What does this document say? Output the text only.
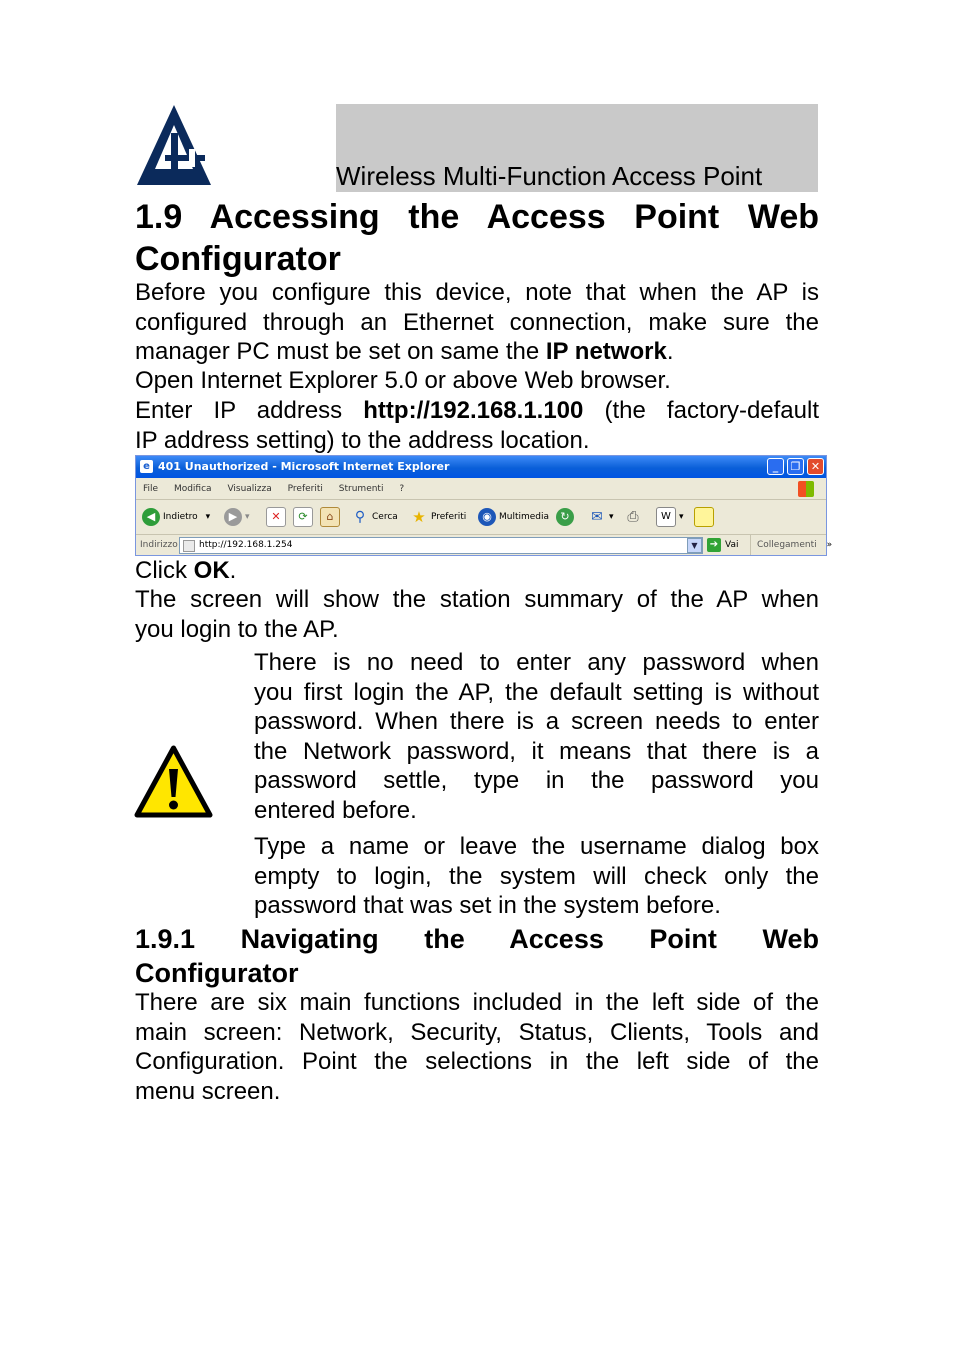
Wireless Multi-Function Access Point
1.9 Accessing the Access Point Web Configurator
Before you configure this device, note that when the AP is
configured through an Ethernet connection, make sure the
manager PC must be set on same the IP network.
Open Internet Explorer 5.0 or above Web browser.
Enter IP address http://192.168.1.100 (the factory-default
IP address setting) to the address location.
e 401 Unauthorized - Microsoft Internet Explorer	_	❐ ✕
File Modifica Visualizza Preferiti Strumenti ?
◀ Indietro ▾	▶ ▾	✕	⟳	⌂	⚲ Cerca ★ Preferiti	◉ Multimedia	↻	✉ ▾ ⎙	W ▾
Indirizzo	http://192.168.1.254	▼	➔ Vai	Collegamenti »
Click OK.
The screen will show the station summary of the AP when
you login to the AP.
There is no need to enter any password when
you first login the AP, the default setting is without
password. When there is a screen needs to enter
the Network password, it means that there is a
password settle, type in the password you
entered before.
Type a name or leave the username dialog box
empty to login, the system will check only the
password that was set in the system before.
1.9.1 Navigating the Access Point Web
Configurator
There are six main functions included in the left side of the
main screen: Network, Security, Status, Clients, Tools and
Configuration. Point the selections in the left side of the
menu screen.
